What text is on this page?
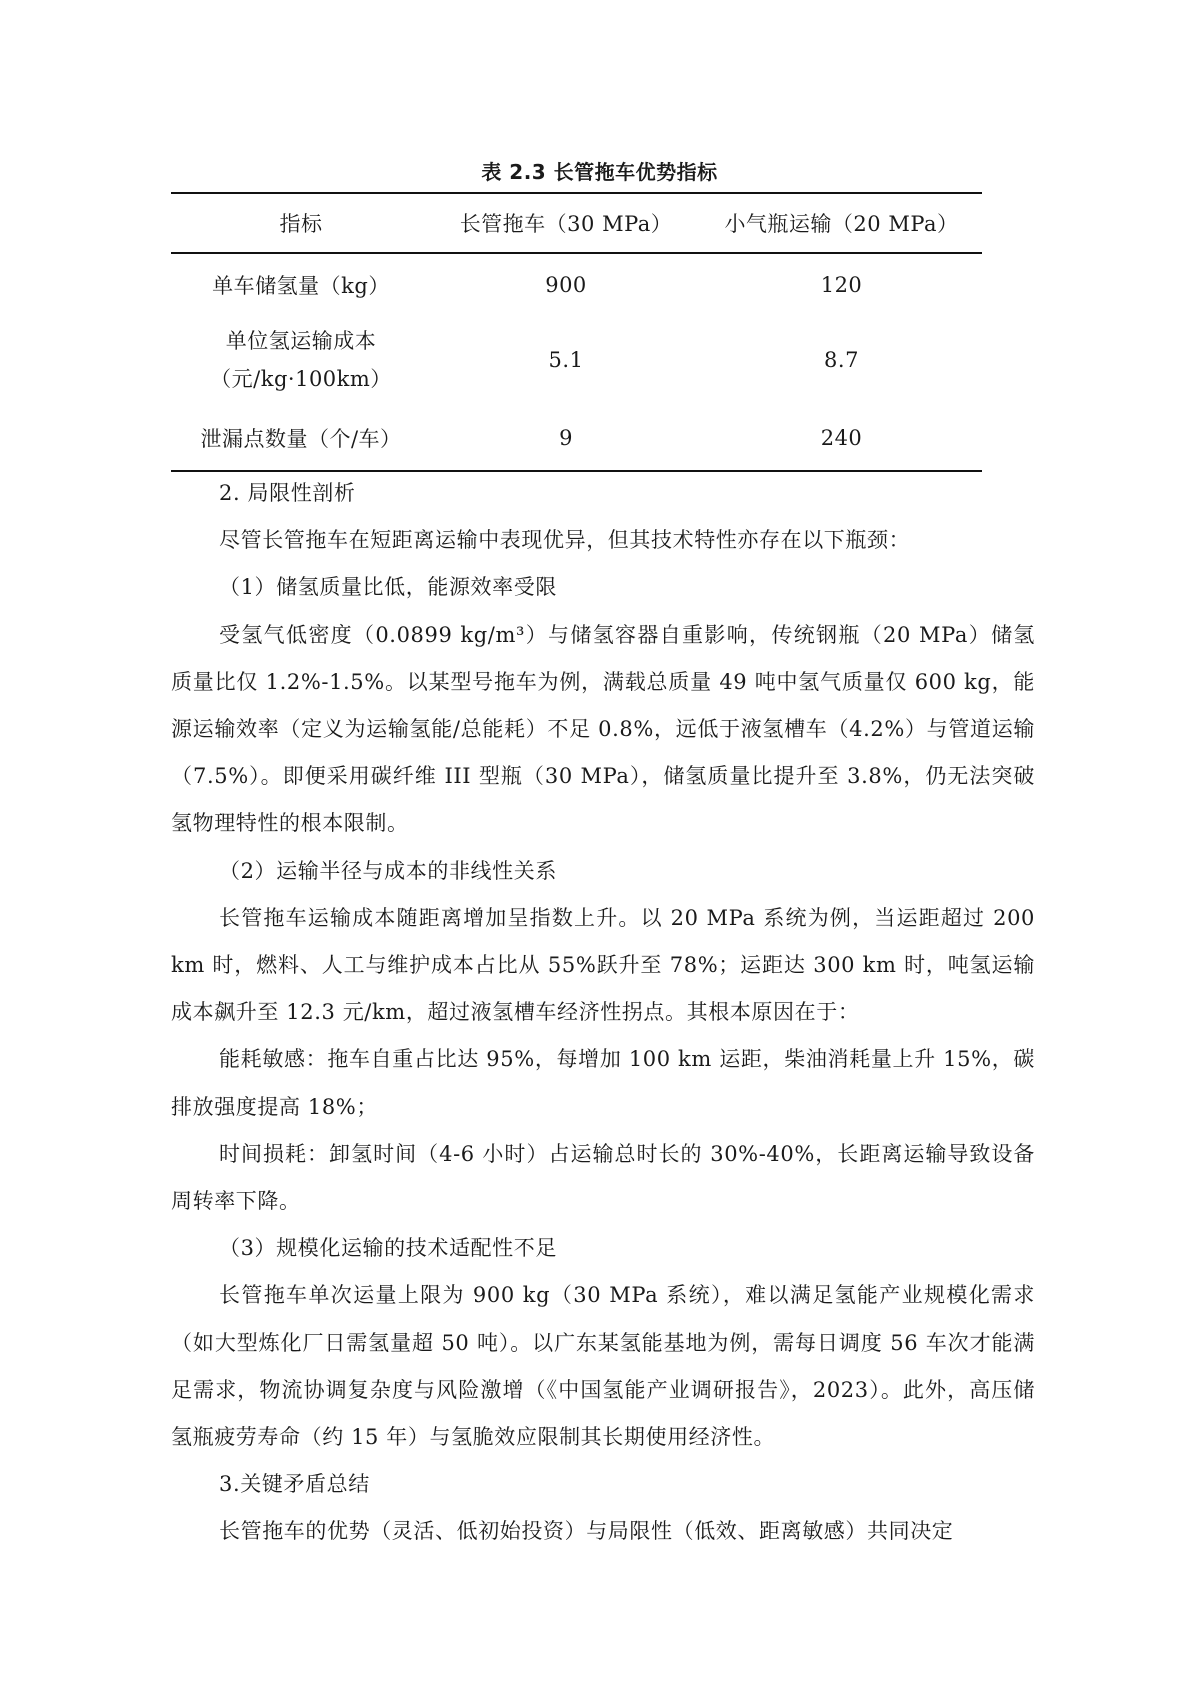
表 2.3 长管拖车优势指标
指标	长管拖车（30 MPa）	小气瓶运输（20 MPa）
单车储氢量（kg）	900	120

单位氢运输成本
（元/kg·100km）	5.1	8.7
泄漏点数量（个/车）	9	240

2. 局限性剖析

尽管长管拖车在短距离运输中表现优异，但其技术特性亦存在以下瓶颈：

（1）储氢质量比低，能源效率受限

受氢气低密度（0.0899 kg/m³）与储氢容器自重影响，传统钢瓶（20 MPa）储氢质量比仅 1.2%-1.5%。以某型号拖车为例，满载总质量 49 吨中氢气质量仅 600 kg，能源运输效率（定义为运输氢能/总能耗）不足 0.8%，远低于液氢槽车（4.2%）与管道运输（7.5%）。即便采用碳纤维 III 型瓶（30 MPa），储氢质量比提升至 3.8%，仍无法突破氢物理特性的根本限制。

（2）运输半径与成本的非线性关系

长管拖车运输成本随距离增加呈指数上升。以 20 MPa 系统为例，当运距超过 200 km 时，燃料、人工与维护成本占比从 55%跃升至 78%；运距达 300 km 时，吨氢运输成本飙升至 12.3 元/km，超过液氢槽车经济性拐点。其根本原因在于：

能耗敏感：拖车自重占比达 95%，每增加 100 km 运距，柴油消耗量上升 15%，碳排放强度提高 18%；

时间损耗：卸氢时间（4-6 小时）占运输总时长的 30%-40%，长距离运输导致设备周转率下降。

（3）规模化运输的技术适配性不足

长管拖车单次运量上限为 900 kg（30 MPa 系统），难以满足氢能产业规模化需求（如大型炼化厂日需氢量超 50 吨）。以广东某氢能基地为例，需每日调度 56 车次才能满足需求，物流协调复杂度与风险激增（《中国氢能产业调研报告》，2023）。此外，高压储氢瓶疲劳寿命（约 15 年）与氢脆效应限制其长期使用经济性。

3.关键矛盾总结

长管拖车的优势（灵活、低初始投资）与局限性（低效、距离敏感）共同决定
